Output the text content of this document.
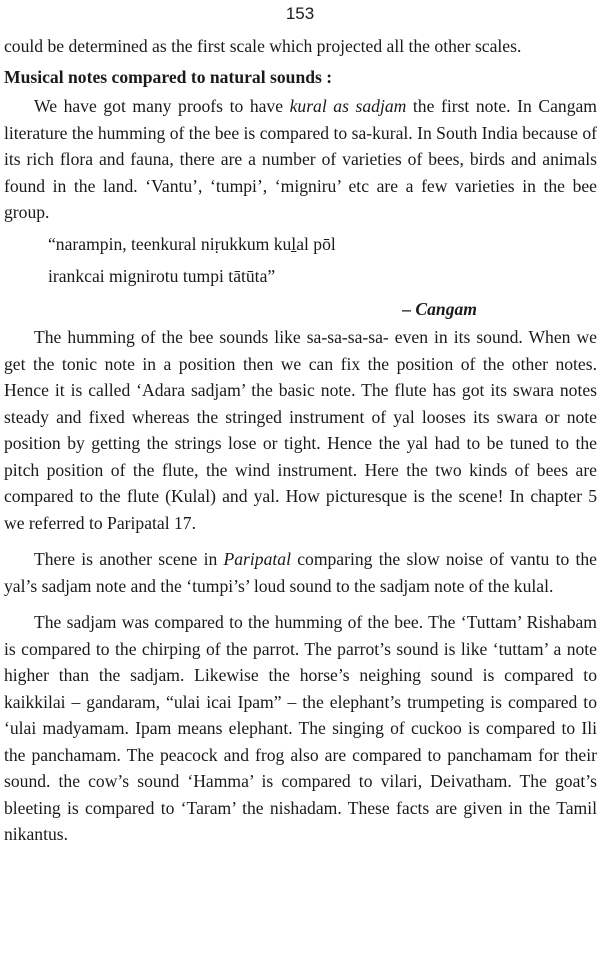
153

could be determined as the first scale which projected all the other scales.

Musical notes compared to natural sounds :

We have got many proofs to have kural as sadjam the first note. In Cangam literature the humming of the bee is compared to sa-kural. In South India because of its rich flora and fauna, there are a number of varieties of bees, birds and animals found in the land. ‘Vantu’, ‘tumpi’, ‘migniru’ etc are a few varieties in the bee group.

“narampin, teenkural niṛukkum kuḻal pōl
irankcai mignirotu tumpi tātūta”

– Cangam

The humming of the bee sounds like sa-sa-sa-sa- even in its sound. When we get the tonic note in a position then we can fix the position of the other notes. Hence it is called ‘Adara sadjam’ the basic note. The flute has got its swara notes steady and fixed whereas the stringed instrument of yal looses its swara or note position by getting the strings lose or tight. Hence the yal had to be tuned to the pitch position of the flute, the wind instrument. Here the two kinds of bees are compared to the flute (Kulal) and yal. How picturesque is the scene! In chapter 5 we referred to Paripatal 17.

There is another scene in Paripatal comparing the slow noise of vantu to the yal’s sadjam note and the ‘tumpi’s’ loud sound to the sadjam note of the kulal.

The sadjam was compared to the humming of the bee. The ‘Tuttam’ Rishabam is compared to the chirping of the parrot. The parrot’s sound is like ‘tuttam’ a note higher than the sadjam. Likewise the horse’s neighing sound is compared to kaikkilai – gandaram, “ulai icai Ipam” – the elephant’s trumpeting is compared to ‘ulai madyamam. Ipam means elephant. The singing of cuckoo is compared to Ili the panchamam. The peacock and frog also are compared to panchamam for their sound. the cow’s sound ‘Hamma’ is compared to vilari, Deivatham. The goat’s bleeting is compared to ‘Taram’ the nishadam. These facts are given in the Tamil nikantus.
